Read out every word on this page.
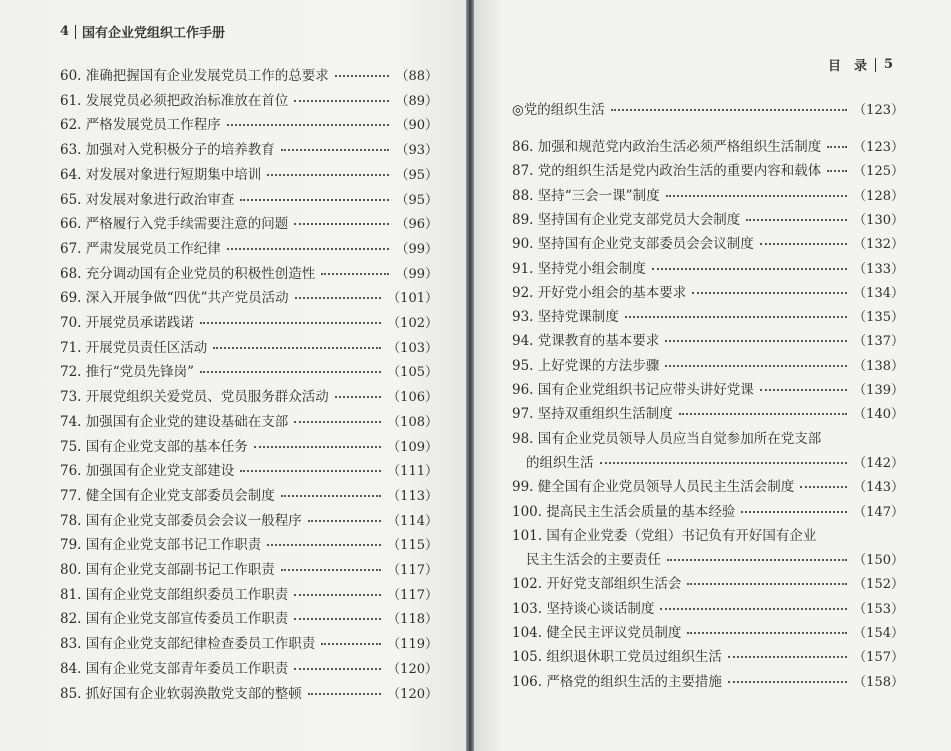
4 国有企业党组织工作手册
60. 准确把握国有企业发展党员工作的总要求	（88）
61. 发展党员必须把政治标准放在首位	（89）
62. 严格发展党员工作程序	（90）
63. 加强对入党积极分子的培养教育	（93）
64. 对发展对象进行短期集中培训	（95）
65. 对发展对象进行政治审查	（95）
66. 严格履行入党手续需要注意的问题	（96）
67. 严肃发展党员工作纪律	（99）
68. 充分调动国有企业党员的积极性创造性	（99）
69. 深入开展争做“四优”共产党员活动	（101）
70. 开展党员承诺践诺	（102）
71. 开展党员责任区活动	（103）
72. 推行“党员先锋岗”	（105）
73. 开展党组织关爱党员、党员服务群众活动	（106）
74. 加强国有企业党的建设基础在支部	（108）
75. 国有企业党支部的基本任务	（109）
76. 加强国有企业党支部建设	（111）
77. 健全国有企业党支部委员会制度	（113）
78. 国有企业党支部委员会会议一般程序	（114）
79. 国有企业党支部书记工作职责	（115）
80. 国有企业党支部副书记工作职责	（117）
81. 国有企业党支部组织委员工作职责	（117）
82. 国有企业党支部宣传委员工作职责	（118）
83. 国有企业党支部纪律检查委员工作职责	（119）
84. 国有企业党支部青年委员工作职责	（120）
85. 抓好国有企业软弱涣散党支部的整顿	（120）
目　录 5
◎党的组织生活	（123）
86. 加强和规范党内政治生活必须严格组织生活制度 （123）
87. 党的组织生活是党内政治生活的重要内容和载体 （125）
88. 坚持“三会一课”制度	（128）
89. 坚持国有企业党支部党员大会制度	（130）
90. 坚持国有企业党支部委员会会议制度	（132）
91. 坚持党小组会制度	（133）
92. 开好党小组会的基本要求	（134）
93. 坚持党课制度	（135）
94. 党课教育的基本要求	（137）
95. 上好党课的方法步骤	（138）
96. 国有企业党组织书记应带头讲好党课	（139）
97. 坚持双重组织生活制度	（140）
98. 国有企业党员领导人员应当自觉参加所在党支部
的组织生活	（142）
99. 健全国有企业党员领导人员民主生活会制度	（143）
100. 提高民主生活会质量的基本经验	（147）
101. 国有企业党委（党组）书记负有开好国有企业
民主生活会的主要责任	（150）
102. 开好党支部组织生活会	（152）
103. 坚持谈心谈话制度	（153）
104. 健全民主评议党员制度	（154）
105. 组织退休职工党员过组织生活	（157）
106. 严格党的组织生活的主要措施	（158）
